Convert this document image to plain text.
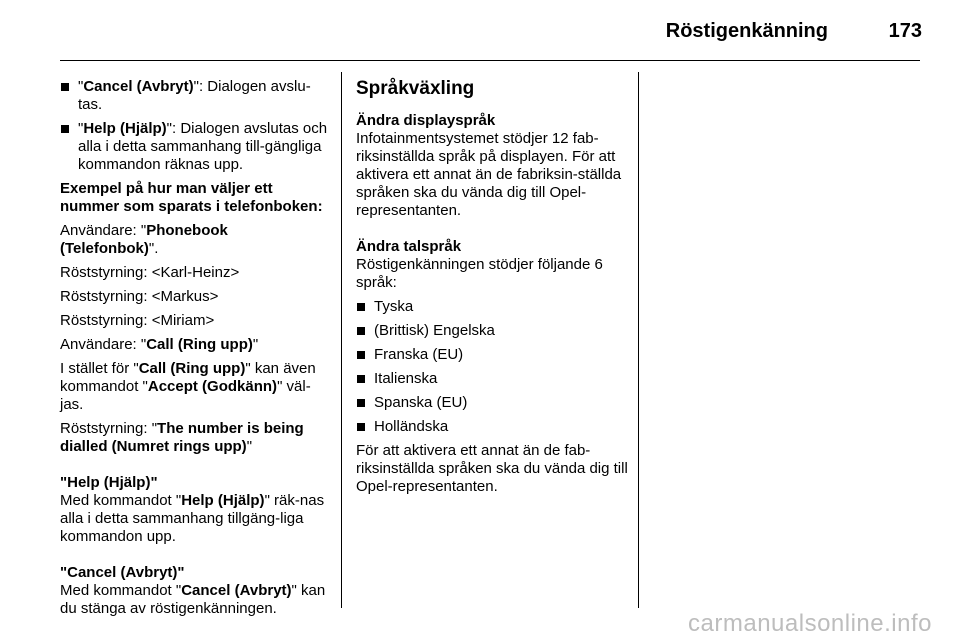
Röstigenkänning	173
"Cancel (Avbryt)": Dialogen avslu-tas.
"Help (Hjälp)": Dialogen avslutas och alla i detta sammanhang till-gängliga kommandon räknas upp.
Exempel på hur man väljer ett nummer som sparats i telefonboken:
Användare: "Phonebook (Telefonbok)".
Röststyrning: <Karl-Heinz>
Röststyrning: <Markus>
Röststyrning: <Miriam>
Användare: "Call (Ring upp)"
I stället för "Call (Ring upp)" kan även kommandot "Accept (Godkänn)" väl-jas.
Röststyrning: "The number is being dialled (Numret rings upp)"
"Help (Hjälp)"
Med kommandot "Help (Hjälp)" räk-nas alla i detta sammanhang tillgäng-liga kommandon upp.
"Cancel (Avbryt)"
Med kommandot "Cancel (Avbryt)" kan du stänga av röstigenkänningen.
Språkväxling
Ändra displayspråk
Infotainmentsystemet stödjer 12 fab-riksinställda språk på displayen. För att aktivera ett annat än de fabriksin-ställda språken ska du vända dig till Opel-representanten.
Ändra talspråk
Röstigenkänningen stödjer följande 6 språk:
Tyska
(Brittisk) Engelska
Franska (EU)
Italienska
Spanska (EU)
Holländska
För att aktivera ett annat än de fab-riksinställda språken ska du vända dig till Opel-representanten.
carmanualsonline.info
